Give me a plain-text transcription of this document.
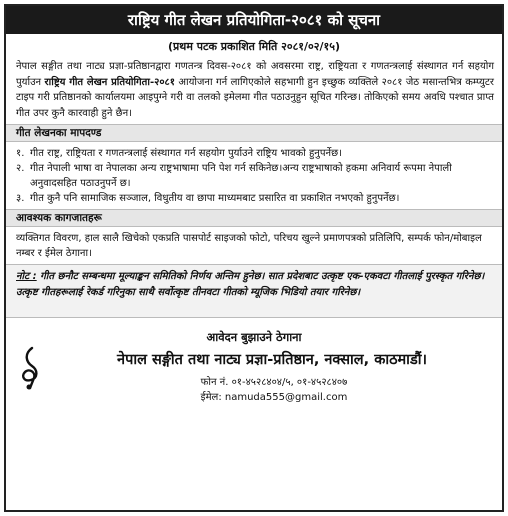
राष्ट्रिय गीत लेखन प्रतियोगिता-२०८१ को सूचना
(प्रथम पटक प्रकाशित मिति २०८१/०२/१५)
नेपाल सङ्गीत तथा नाट्य प्रज्ञा-प्रतिष्ठानद्वारा गणतन्त्र दिवस-२०८१ को अवसरमा राष्ट्र, राष्ट्रियता र गणतन्त्रलाई संस्थागत गर्न सहयोग पुर्याउन राष्ट्रिय गीत लेखन प्रतियोगिता-२०८१ आयोजना गर्न लागिएकोले सहभागी हुन इच्छुक व्यक्तिले २०८१ जेठ मसान्तभित्र कम्प्युटर टाइप गरी प्रतिष्ठानको कार्यालयमा आइपुग्ने गरी वा तलको इमेलमा गीत पठाउनुहुन सूचित गरिन्छ। तोकिएको समय अवधि पश्चात प्राप्त गीत उपर कुनै कारवाही हुने छैन।
गीत लेखनका मापदण्ड
१. गीत राष्ट्र, राष्ट्रियता र गणतन्त्रलाई संस्थागत गर्न सहयोग पुर्याउने राष्ट्रिय भावको हुनुपर्नेछ।
२. गीत नेपाली भाषा वा नेपालका अन्य राष्ट्रभाषामा पनि पेश गर्न सकिनेछ।अन्य राष्ट्रभाषाको हकमा अनिवार्य रूपमा नेपाली अनुवादसहित पठाउनुपर्ने छ।
३. गीत कुनै पनि सामाजिक सञ्जाल, विधुतीय वा छापा माध्यमबाट प्रसारित वा प्रकाशित नभएको हुनुपर्नेछ।
आवश्यक कागजातहरू
व्यक्तिगत विवरण, हाल सालै खिचेको एकप्रति पासपोर्ट साइजको फोटो, परिचय खुल्ने प्रमाणपत्रको प्रतिलिपि, सम्पर्क फोन/मोबाइल नम्बर र ईमेल ठेगाना।
नोट : गीत छनौट सम्बन्धमा मूल्याङ्कन समितिको निर्णय अन्तिम हुनेछ। सात प्रदेशबाट उत्कृष्ट एक-एकवटा गीतलाई पुरस्कृत गरिनेछ। उत्कृष्ट गीतहरूलाई रेकर्ड गरिनुका साथै सर्वोत्कृष्ट तीनवटा गीतको म्यूजिक भिडियो तयार गरिनेछ।
आवेदन बुझाउने ठेगाना
नेपाल सङ्गीत तथा नाट्य प्रज्ञा-प्रतिष्ठान, नक्साल, काठमाडौं।
फोन नं. ०१-४५२८४०४/५, ०१-४५२८४०७
ईमेल: namuda555@gmail.com
